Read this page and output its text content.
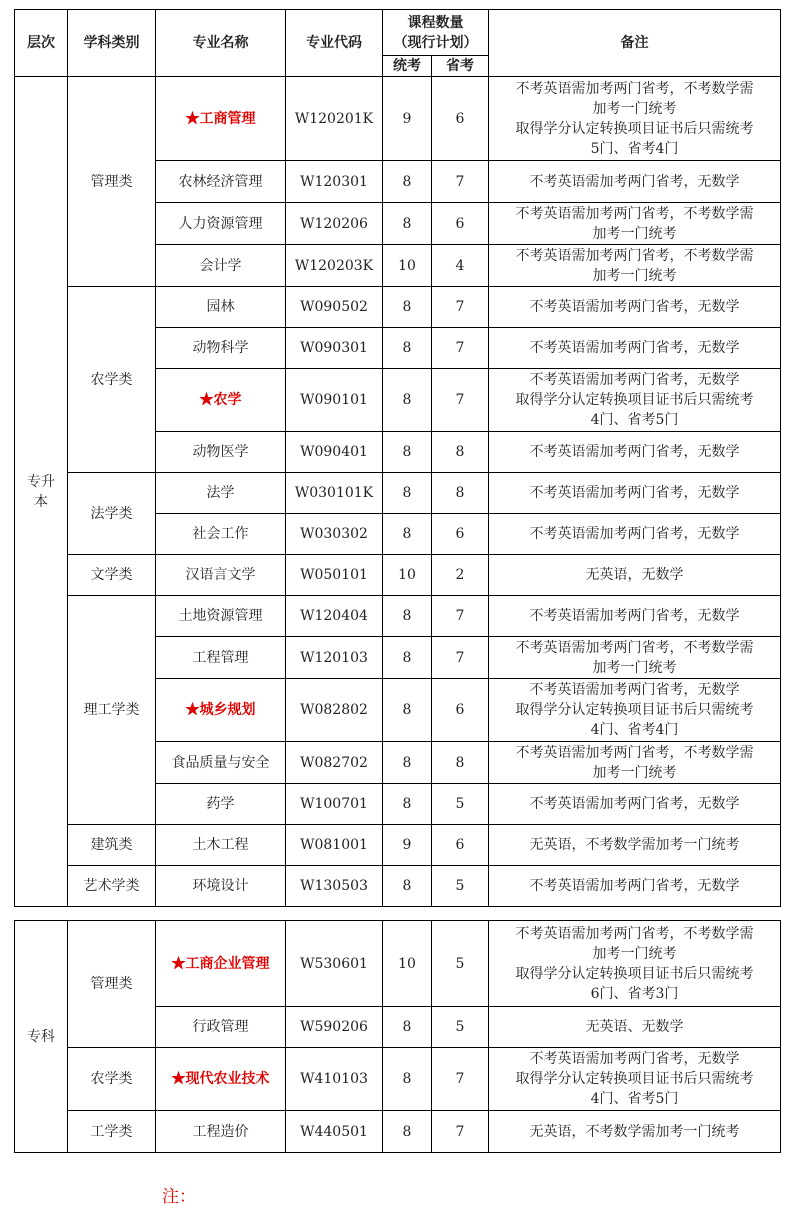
层次	学科类别	专业名称	专业代码	课程数量
（现行计划）		备注
				统考	省考	
专升
本	管理类	★工商管理	W120201K	9	6	不考英语需加考两门省考，不考数学需
加考一门统考
取得学分认定转换项目证书后只需统考
5门、省考4门
		农林经济管理	W120301	8	7	不考英语需加考两门省考，无数学
		人力资源管理	W120206	8	6	不考英语需加考两门省考，不考数学需
加考一门统考
		会计学	W120203K	10	4	不考英语需加考两门省考，不考数学需
加考一门统考
	农学类	园林	W090502	8	7	不考英语需加考两门省考，无数学
		动物科学	W090301	8	7	不考英语需加考两门省考，无数学
		★农学	W090101	8	7	不考英语需加考两门省考，无数学
取得学分认定转换项目证书后只需统考
4门、省考5门
		动物医学	W090401	8	8	不考英语需加考两门省考，无数学
	法学类	法学	W030101K	8	8	不考英语需加考两门省考，无数学
		社会工作	W030302	8	6	不考英语需加考两门省考，无数学
	文学类	汉语言文学	W050101	10	2	无英语，无数学
	理工学类	土地资源管理	W120404	8	7	不考英语需加考两门省考，无数学
		工程管理	W120103	8	7	不考英语需加考两门省考，不考数学需
加考一门统考
		★城乡规划	W082802	8	6	不考英语需加考两门省考，无数学
取得学分认定转换项目证书后只需统考
4门、省考4门
		食品质量与安全	W082702	8	8	不考英语需加考两门省考，不考数学需
加考一门统考
		药学	W100701	8	5	不考英语需加考两门省考，无数学
	建筑类	土木工程	W081001	9	6	无英语，不考数学需加考一门统考
	艺术学类	环境设计	W130503	8	5	不考英语需加考两门省考，无数学
专科	管理类	★工商企业管理	W530601	10	5	不考英语需加考两门省考，不考数学需
加考一门统考
取得学分认定转换项目证书后只需统考
6门、省考3门
		行政管理	W590206	8	5	无英语、无数学
	农学类	★现代农业技术	W410103	8	7	不考英语需加考两门省考，无数学
取得学分认定转换项目证书后只需统考
4门、省考5门
	工学类	工程造价	W440501	8	7	无英语，不考数学需加考一门统考
注：
